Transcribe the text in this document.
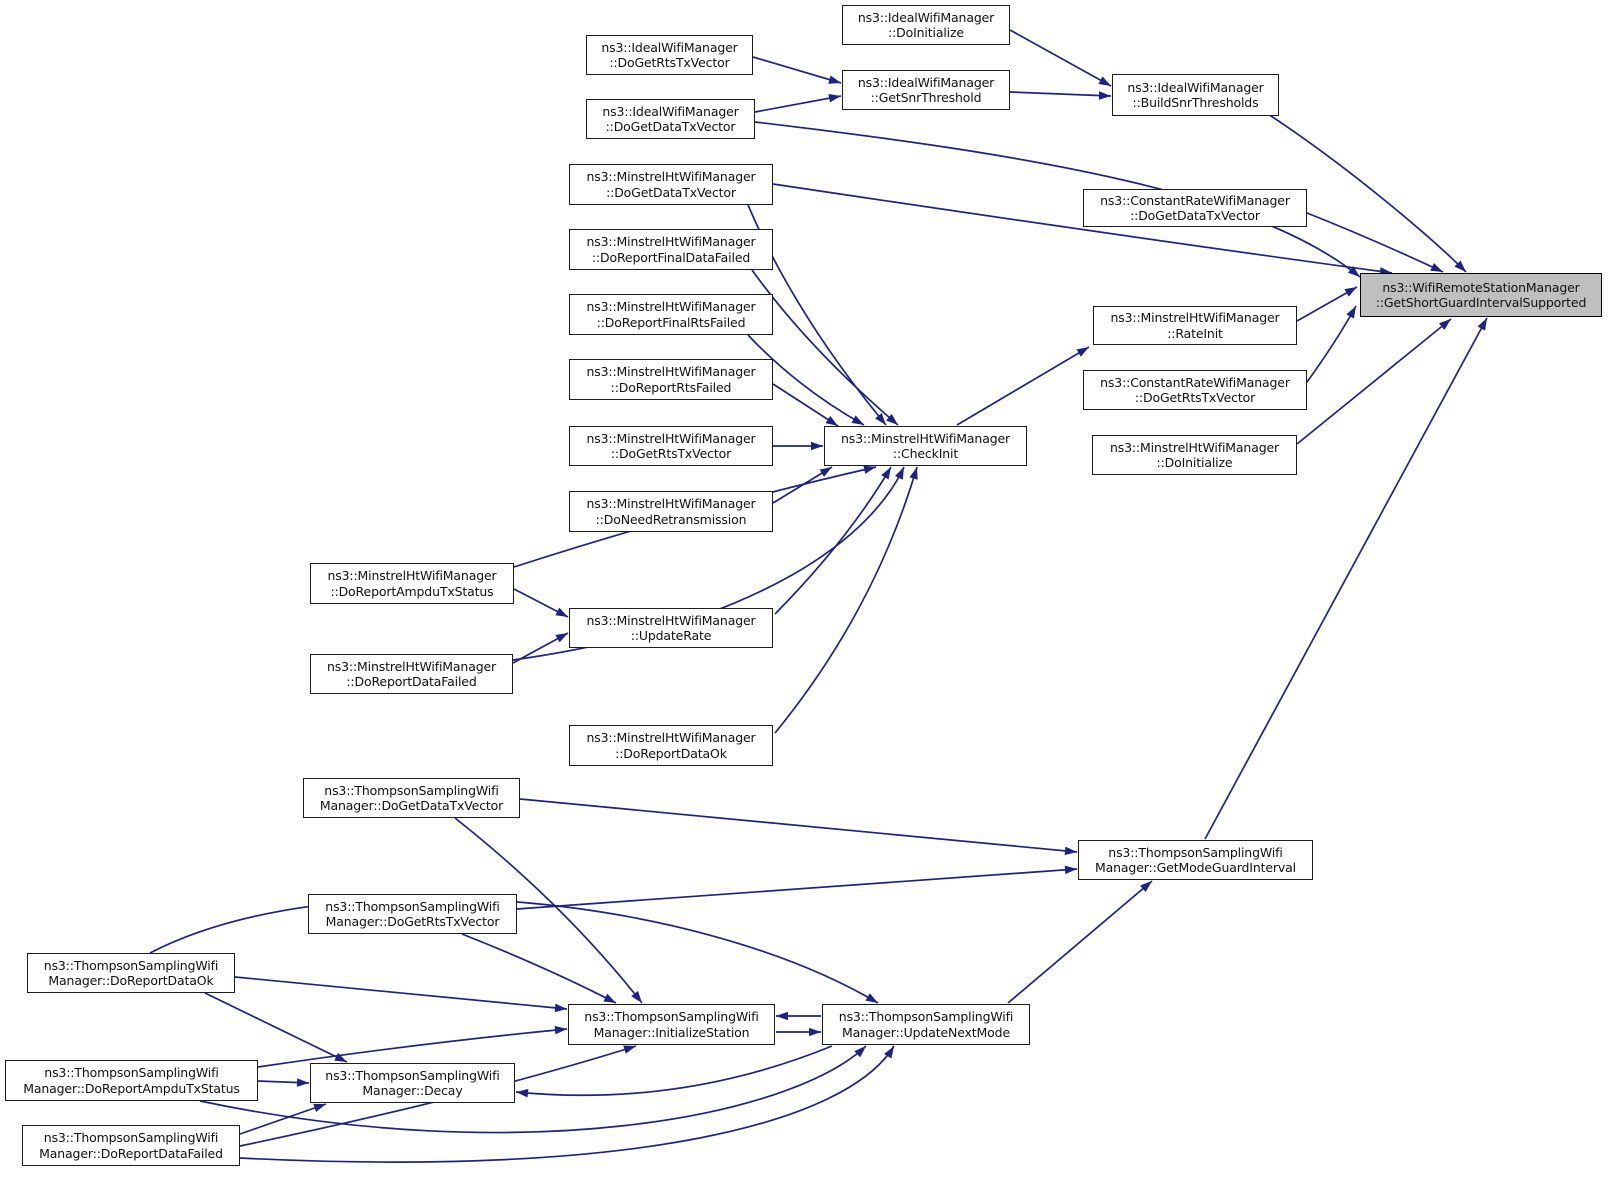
ns3::IdealWifiManager
::DoInitialize
ns3::IdealWifiManager
::DoGetRtsTxVector
ns3::IdealWifiManager
::GetSnrThreshold
ns3::IdealWifiManager
::DoGetDataTxVector
ns3::IdealWifiManager
::BuildSnrThresholds
ns3::MinstrelHtWifiManager
::DoGetDataTxVector
ns3::MinstrelHtWifiManager
::DoReportFinalDataFailed
ns3::MinstrelHtWifiManager
::DoReportFinalRtsFailed
ns3::MinstrelHtWifiManager
::DoReportRtsFailed
ns3::MinstrelHtWifiManager
::DoGetRtsTxVector
ns3::MinstrelHtWifiManager
::DoNeedRetransmission
ns3::MinstrelHtWifiManager
::CheckInit
ns3::MinstrelHtWifiManager
::DoReportAmpduTxStatus
ns3::MinstrelHtWifiManager
::UpdateRate
ns3::MinstrelHtWifiManager
::DoReportDataFailed
ns3::MinstrelHtWifiManager
::DoReportDataOk
ns3::ThompsonSamplingWifi
Manager::DoGetDataTxVector
ns3::ThompsonSamplingWifi
Manager::DoGetRtsTxVector
ns3::ThompsonSamplingWifi
Manager::DoReportDataOk
ns3::ThompsonSamplingWifi
Manager::DoReportAmpduTxStatus
ns3::ThompsonSamplingWifi
Manager::Decay
ns3::ThompsonSamplingWifi
Manager::DoReportDataFailed
ns3::ThompsonSamplingWifi
Manager::InitializeStation
ns3::ThompsonSamplingWifi
Manager::UpdateNextMode
ns3::ConstantRateWifiManager
::DoGetDataTxVector
ns3::MinstrelHtWifiManager
::RateInit
ns3::ConstantRateWifiManager
::DoGetRtsTxVector
ns3::MinstrelHtWifiManager
::DoInitialize
ns3::ThompsonSamplingWifi
Manager::GetModeGuardInterval
ns3::WifiRemoteStationManager
::GetShortGuardIntervalSupported
